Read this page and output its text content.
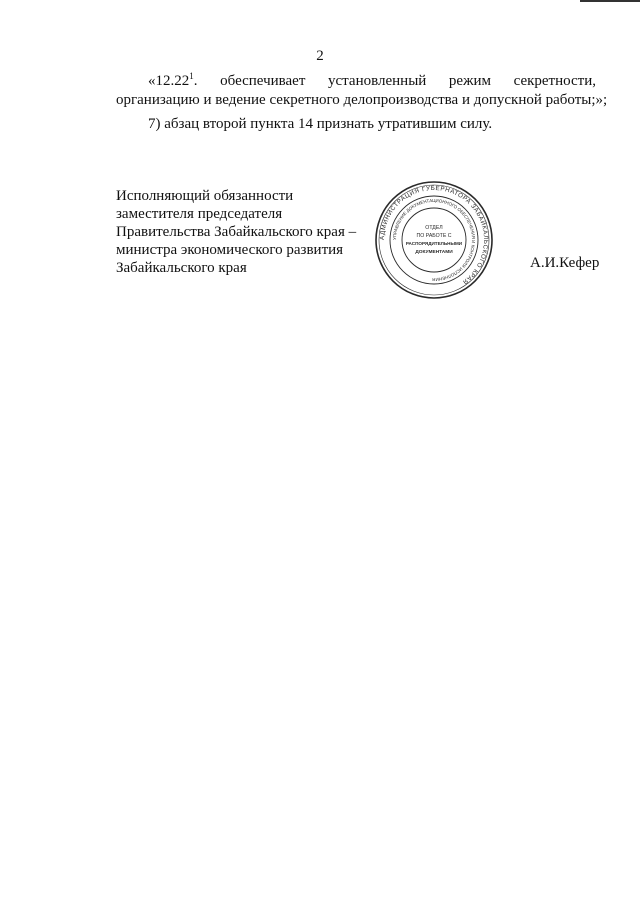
2
«12.22$^1$. обеспечивает установленный режим секретности,
организацию и ведение секретного делопроизводства и допускной работы;»;
7) абзац второй пункта 14 признать утратившим силу.
Исполняющий обязанности
заместителя председателя
Правительства Забайкальского края –
министра экономического развития
Забайкальского края
АДМИНИСТРАЦИЯ ГУБЕРНАТОРА ЗАБАЙКАЛЬСКОГО КРАЯ
УПРАВЛЕНИЕ ДОКУМЕНТАЦИОННОГО ОБЕСПЕЧЕНИЯ И КОНТРОЛЯ ИСПОЛНЕНИЯ
ОТДЕЛ
ПО РАБОТЕ С
РАСПОРЯДИТЕЛЬНЫМИ
ДОКУМЕНТАМИ
А.И.Кефер
